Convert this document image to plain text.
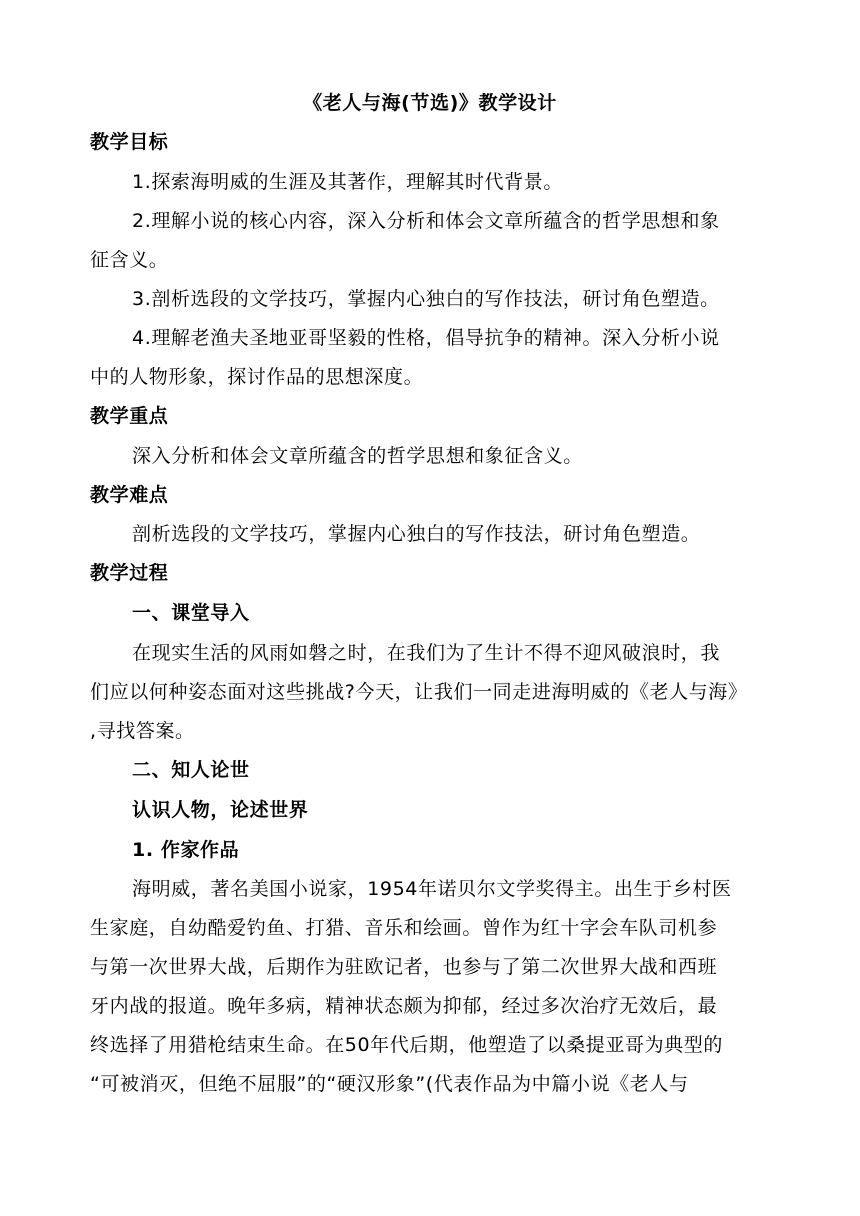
《老人与海(节选)》教学设计
教学目标
1.探索海明威的生涯及其著作，理解其时代背景。
2.理解小说的核心内容，深入分析和体会文章所蕴含的哲学思想和象
征含义。
3.剖析选段的文学技巧，掌握内心独白的写作技法，研讨角色塑造。
4.理解老渔夫圣地亚哥坚毅的性格，倡导抗争的精神。深入分析小说
中的人物形象，探讨作品的思想深度。
教学重点
深入分析和体会文章所蕴含的哲学思想和象征含义。
教学难点
剖析选段的文学技巧，掌握内心独白的写作技法，研讨角色塑造。
教学过程
一、课堂导入
在现实生活的风雨如磐之时，在我们为了生计不得不迎风破浪时，我
们应以何种姿态面对这些挑战?今天，让我们一同走进海明威的《老人与海》
,寻找答案。
二、知人论世
认识人物，论述世界
1. 作家作品
海明威，著名美国小说家，1954年诺贝尔文学奖得主。出生于乡村医
生家庭，自幼酷爱钓鱼、打猎、音乐和绘画。曾作为红十字会车队司机参
与第一次世界大战，后期作为驻欧记者，也参与了第二次世界大战和西班
牙内战的报道。晚年多病，精神状态颇为抑郁，经过多次治疗无效后，最
终选择了用猎枪结束生命。在50年代后期，他塑造了以桑提亚哥为典型的
“可被消灭，但绝不屈服”的“硬汉形象”(代表作品为中篇小说《老人与
